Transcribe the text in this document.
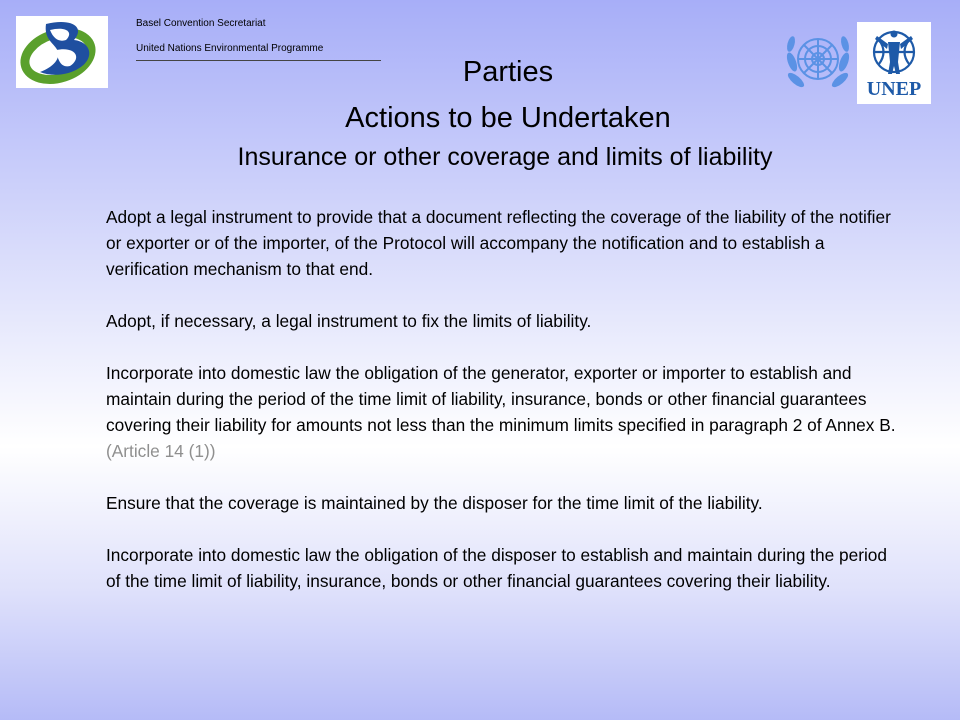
Basel Convention Secretariat
United Nations Environmental Programme
UNEP
Parties
Actions to be Undertaken
Insurance or other coverage and limits of liability

Adopt a legal instrument to provide that a document reflecting the coverage of the liability of the notifier or exporter or of the importer, of the Protocol will accompany the notification and to establish a verification mechanism to that end.

Adopt, if necessary, a legal instrument to fix the limits of liability.

Incorporate into domestic law the obligation of the generator, exporter or importer to establish and maintain during the period of the time limit of liability, insurance, bonds or other financial guarantees covering their liability for amounts not less than the minimum limits specified in paragraph 2 of Annex B.

(Article 14 (1))

Ensure that the coverage is maintained by the disposer for the time limit of the liability.

Incorporate into domestic law the obligation of the disposer to establish and maintain during the period of the time limit of liability, insurance, bonds or other financial guarantees covering their liability.
